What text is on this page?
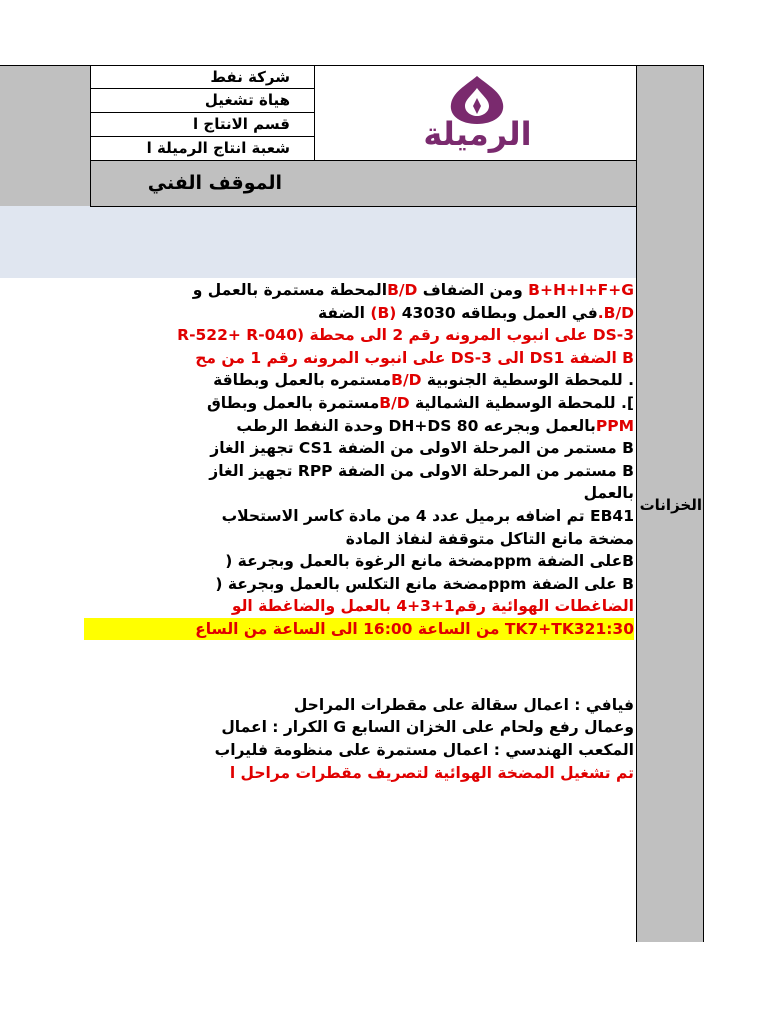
شركة نفط
هياة تشغيل
قسم الانتاج ا
شعبة انتاج الرميلة ا	الرميلة
الموقف الفني
الخزانات
B+H+I+F+G ومن الضفاف B/Dالمحطة مستمرة بالعمل و
B/D.في العمل وبطاقه 43030 (B) الضفة
DS-3 على انبوب المرونه رقم 2 الى محطة (R-522+ R-040
B الضفة DS1 الى DS-3 على انبوب المرونه رقم 1 من مح
. للمحطة الوسطية الجنوبية B/Dمستمره بالعمل وبطاقة
]. للمحطة الوسطية الشمالية B/Dمستمرة بالعمل وبطاق
PPMبالعمل وبجرعه 80 DH+DS وحدة النفط الرطب
B مستمر من المرحلة الاولى من الضفة CS1 تجهيز الغاز
B مستمر من المرحلة الاولى من الضفة RPP تجهيز الغاز
بالعمل
EB41 تم اضافه برميل عدد 4 من مادة كاسر الاستحلاب
مضخة مانع التاكل متوقفة لنفاذ المادة
Bعلى الضفة ppmمضخة مانع الرغوة بالعمل وبجرعة (
B على الضفة ppmمضخة مانع التكلس بالعمل وبجرعة (
الضاغطات الهوائية رقم1+3+4 بالعمل والضاغطة الو
TK7+TK321:30 من الساعة 16:00 الى الساعة من الساع
فيافي : اعمال سقالة على مقطرات المراحل
وعمال رفع ولحام على الخزان السابع G الكرار : اعمال
المكعب الهندسي : اعمال مستمرة على منظومة فليراب
تم تشغيل المضخة الهوائية لتصريف مقطرات مراحل ا
